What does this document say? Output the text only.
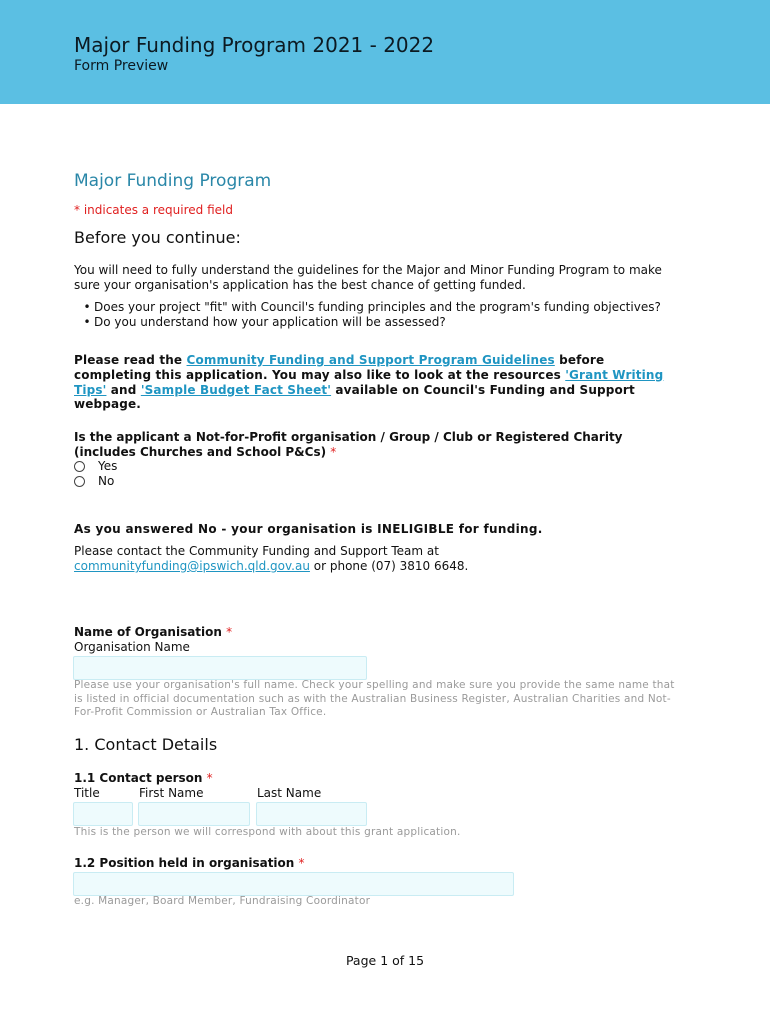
Major Funding Program 2021 - 2022
Form Preview
Major Funding Program
* indicates a required field
Before you continue:
You will need to fully understand the guidelines for the Major and Minor Funding Program to make sure your organisation's application has the best chance of getting funded.
• Does your project "fit" with Council's funding principles and the program's funding objectives?
• Do you understand how your application will be assessed?
Please read the Community Funding and Support Program Guidelines before completing this application. You may also like to look at the resources 'Grant Writing Tips' and 'Sample Budget Fact Sheet' available on Council's Funding and Support webpage.
Is the applicant a Not-for-Profit organisation / Group / Club or Registered Charity (includes Churches and School P&Cs) *
Yes
No
As you answered No - your organisation is INELIGIBLE for funding.
Please contact the Community Funding and Support Team at
communityfunding@ipswich.qld.gov.au or phone (07) 3810 6648.
Name of Organisation *
Organisation Name
Please use your organisation's full name. Check your spelling and make sure you provide the same name that is listed in official documentation such as with the Australian Business Register, Australian Charities and Not-For-Profit Commission or Australian Tax Office.
1. Contact Details
1.1 Contact person *
Title	First Name	Last Name
This is the person we will correspond with about this grant application.
1.2 Position held in organisation *
e.g. Manager, Board Member, Fundraising Coordinator
Page 1 of 15
